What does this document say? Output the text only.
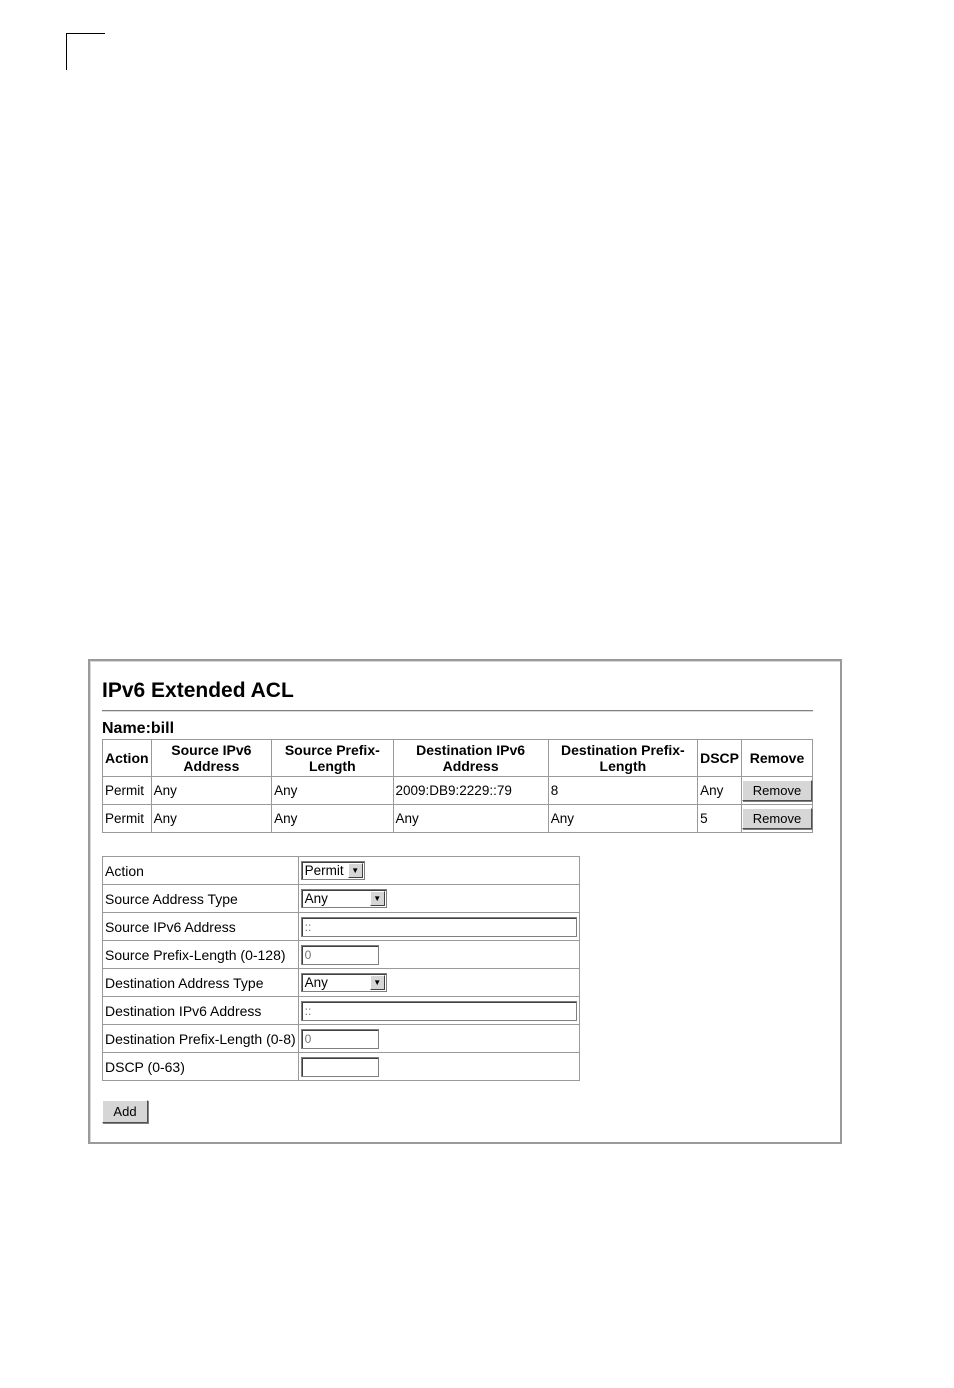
IPv6 Extended ACL
Name:bill
Action	Source IPv6 Address	Source Prefix-Length	Destination IPv6 Address	Destination Prefix-Length	DSCP	Remove
Permit	Any	Any	2009:DB9:2229::79	8	Any	Remove
Permit	Any	Any	Any	Any	5	Remove
Action	Permit ▼

Source Address Type	Any ▼

Source IPv6 Address	::
Source Prefix-Length (0-128)	0
Destination Address Type	Any ▼

Destination IPv6 Address	::
Destination Prefix-Length (0-8)	0
DSCP (0-63)	
Add
